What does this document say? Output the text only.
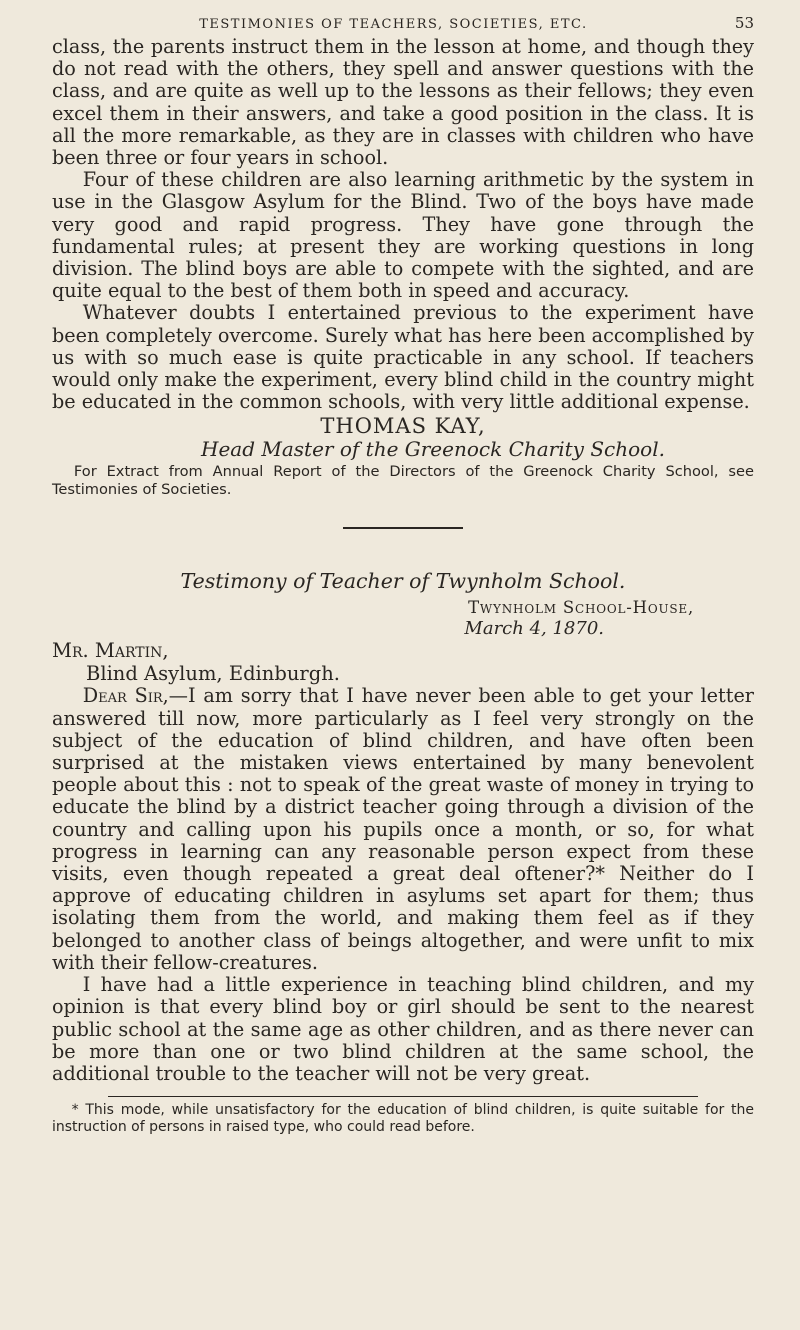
TESTIMONIES OF TEACHERS, SOCIETIES, ETC.	53

class, the parents instruct them in the lesson at home, and though they do not read with the others, they spell and answer questions with the class, and are quite as well up to the lessons as their fellows; they even excel them in their answers, and take a good position in the class. It is all the more remarkable, as they are in classes with children who have been three or four years in school.

Four of these children are also learning arithmetic by the system in use in the Glasgow Asylum for the Blind. Two of the boys have made very good and rapid progress. They have gone through the fundamental rules; at present they are working questions in long division. The blind boys are able to compete with the sighted, and are quite equal to the best of them both in speed and accuracy.

Whatever doubts I entertained previous to the experiment have been completely overcome. Surely what has here been accomplished by us with so much ease is quite practicable in any school. If teachers would only make the experiment, every blind child in the country might be educated in the common schools, with very little additional expense.

THOMAS KAY,
Head Master of the Greenock Charity School.
For Extract from Annual Report of the Directors of the Greenock Charity School, see Testimonies of Societies.
Testimony of Teacher of Twynholm School.
Twynholm School-House,
March 4, 1870.
Mr. Martin,
Blind Asylum, Edinburgh.

Dear Sir,—I am sorry that I have never been able to get your letter answered till now, more particularly as I feel very strongly on the subject of the education of blind children, and have often been surprised at the mistaken views entertained by many benevolent people about this : not to speak of the great waste of money in trying to educate the blind by a district teacher going through a division of the country and calling upon his pupils once a month, or so, for what progress in learning can any reasonable person expect from these visits, even though repeated a great deal oftener?* Neither do I approve of educating children in asylums set apart for them; thus isolating them from the world, and making them feel as if they belonged to another class of beings altogether, and were unfit to mix with their fellow-creatures.

I have had a little experience in teaching blind children, and my opinion is that every blind boy or girl should be sent to the nearest public school at the same age as other children, and as there never can be more than one or two blind children at the same school, the additional trouble to the teacher will not be very great.

* This mode, while unsatisfactory for the education of blind children, is quite suitable for the instruction of persons in raised type, who could read before.
